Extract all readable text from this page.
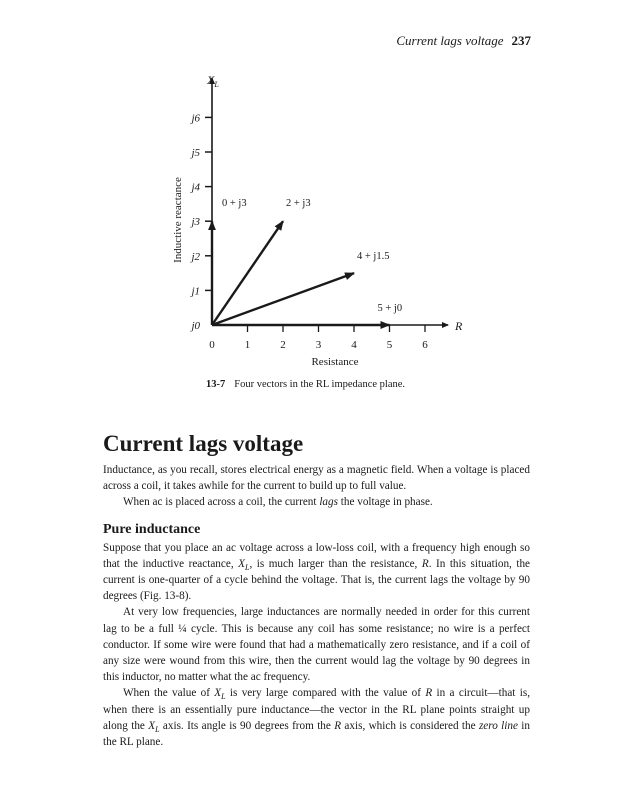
Current lags voltage 237
j0
j1
j2
j3
j4
j5
j6
0	1	2	3	4	5	6
0 + j3	2 + j3
4 + j1.5
5 + j0
$X_L$
R
Inductive reactance
Resistance
13-7 Four vectors in the RL impedance plane.
Current lags voltage

Inductance, as you recall, stores electrical energy as a magnetic field. When a voltage is placed across a coil, it takes awhile for the current to build up to full value.

When ac is placed across a coil, the current lags the voltage in phase.

Pure inductance

Suppose that you place an ac voltage across a low-loss coil, with a frequency high enough so that the inductive reactance, $X_L$, is much larger than the resistance, R. In this situation, the current is one-quarter of a cycle behind the voltage. That is, the current lags the voltage by 90 degrees (Fig. 13-8).

At very low frequencies, large inductances are normally needed in order for this current lag to be a full ¼ cycle. This is because any coil has some resistance; no wire is a perfect conductor. If some wire were found that had a mathematically zero resistance, and if a coil of any size were wound from this wire, then the current would lag the voltage by 90 degrees in this inductor, no matter what the ac frequency.

When the value of $X_L$ is very large compared with the value of R in a circuit—that is, when there is an essentially pure inductance—the vector in the RL plane points straight up along the $X_L$ axis. Its angle is 90 degrees from the R axis, which is considered the zero line in the RL plane.
